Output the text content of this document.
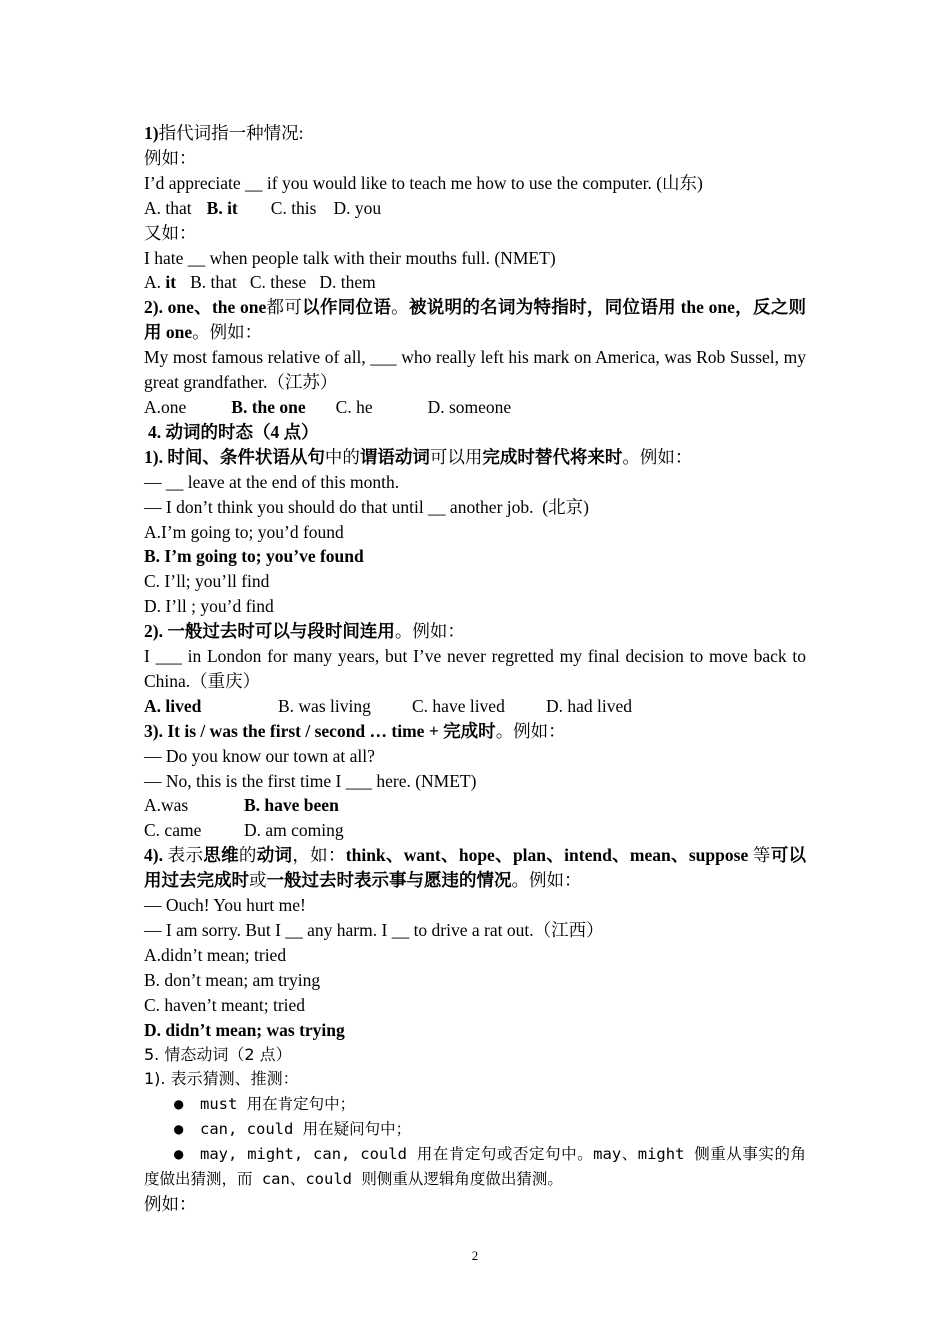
1)指代词指一种情况:

例如：

I’d appreciate __ if you would like to teach me how to use the computer. (山东)

A. that B. it C. this D. you

又如：

I hate __ when people talk with their mouths full. (NMET)

A. it B. that   C. these   D. them

2). one、the one都可以作同位语。被说明的名词为特指时，同位语用 the one，反之则用 one。例如：

My most famous relative of all, ___ who really left his mark on America, was Rob Sussel, my great grandfather.（江苏）

A.one	B. the one C. he	D. someone

4. 动词的时态（4 点）

1). 时间、条件状语从句中的谓语动词可以用完成时替代将来时。例如：

— __ leave at the end of this month.

— I don’t think you should do that until __ another job.  (北京)

A.I’m going to; you’d found

B. I’m going to; you’ve found

C. I’ll; you’ll find

D. I’ll ; you’d find

2). 一般过去时可以与段时间连用。例如：

I ___ in London for many years, but I’ve never regretted my final decision to move back to China.（重庆）

A. lived	B. was living C. have lived D. had lived

3). It is / was the first / second … time + 完成时。例如：

— Do you know our town at all?

— No, this is the first time I ___ here. (NMET)

A.was	B. have been

C. came D. am coming

4). 表示思维的动词，如：think、want、hope、plan、intend、mean、suppose 等可以用过去完成时或一般过去时表示事与愿违的情况。例如：

— Ouch! You hurt me!

— I am sorry. But I __ any harm. I __ to drive a rat out.（江西）

A.didn’t mean; tried

B. don’t mean; am trying

C. haven’t meant; tried

D. didn’t mean; was trying

5. 情态动词（2 点）

1). 表示猜测、推测：

● must 用在肯定句中；

● can, could 用在疑问句中；

● may, might, can, could 用在肯定句或否定句中。may、might 侧重从事实的角度做出猜测，而 can、could 则侧重从逻辑角度做出猜测。

例如：

2
